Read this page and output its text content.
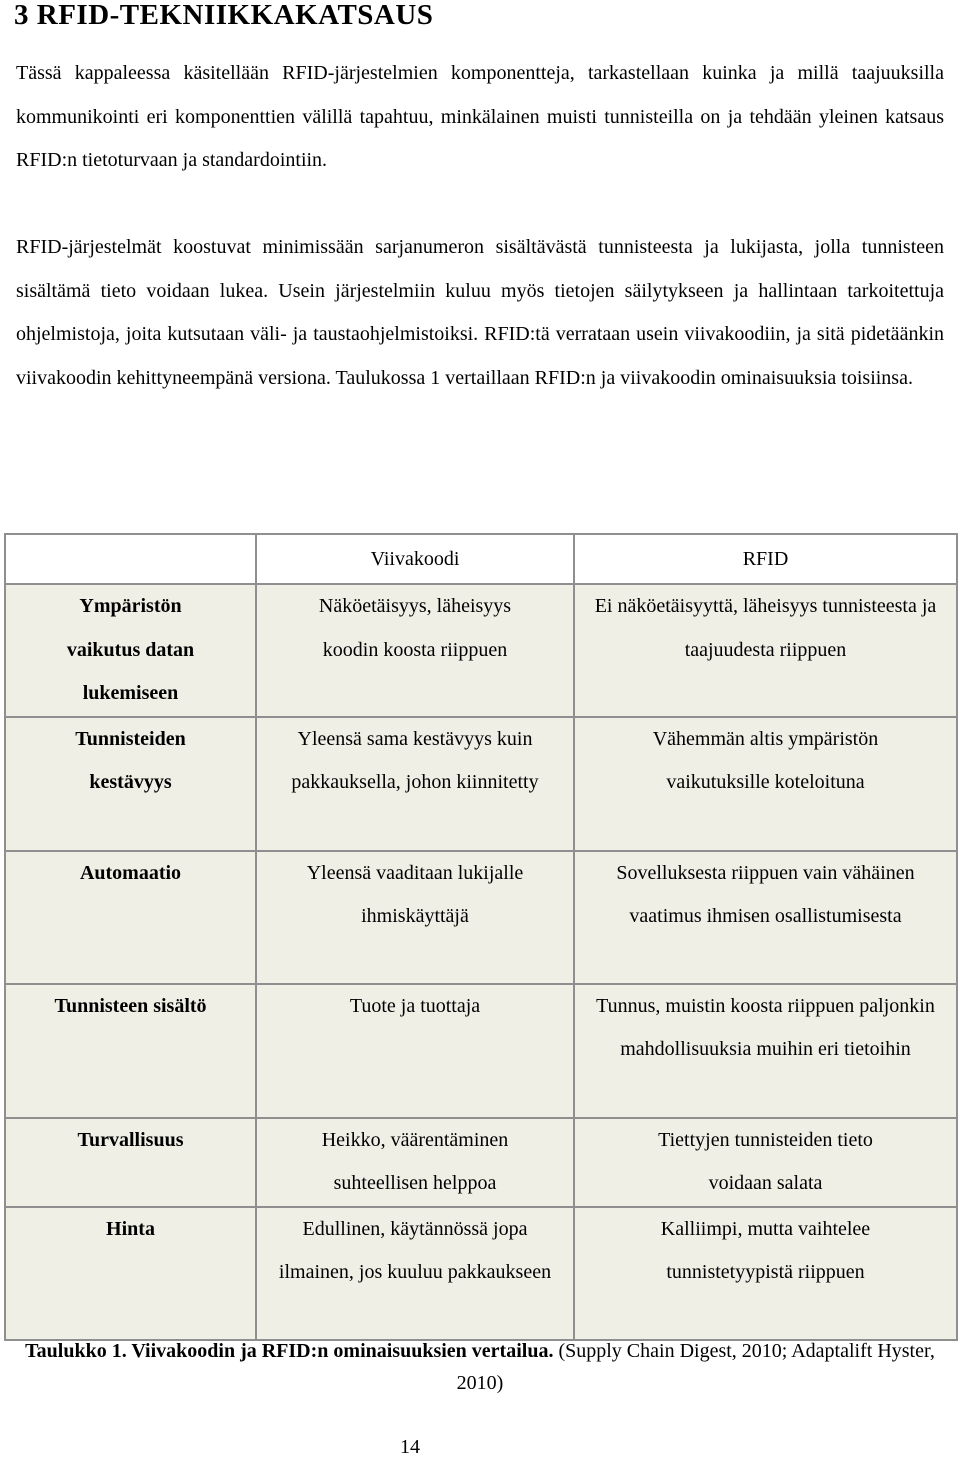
3 RFID-TEKNIIKKAKATSAUS

Tässä kappaleessa käsitellään RFID-järjestelmien komponentteja, tarkastellaan kuinka ja millä taajuuksilla kommunikointi eri komponenttien välillä tapahtuu, minkälainen muisti tunnisteilla on ja tehdään yleinen katsaus RFID:n tietoturvaan ja standardointiin.

RFID-järjestelmät koostuvat minimissään sarjanumeron sisältävästä tunnisteesta ja lukijasta, jolla tunnisteen sisältämä tieto voidaan lukea. Usein järjestelmiin kuluu myös tietojen säilytykseen ja hallintaan tarkoitettuja ohjelmistoja, joita kutsutaan väli- ja taustaohjelmistoiksi. RFID:tä verrataan usein viivakoodiin, ja sitä pidetäänkin viivakoodin kehittyneempänä versiona. Taulukossa 1 vertaillaan RFID:n ja viivakoodin ominaisuuksia toisiinsa.

	Viivakoodi	RFID
Ympäristön vaikutus datan lukemiseen	Näköetäisyys, läheisyys koodin koosta riippuen	Ei näköetäisyyttä, läheisyys tunnisteesta ja taajuudesta riippuen
Tunnisteiden kestävyys	Yleensä sama kestävyys kuin pakkauksella, johon kiinnitetty	Vähemmän altis ympäristön vaikutuksille koteloituna
Automaatio	Yleensä vaaditaan lukijalle ihmiskäyttäjä	Sovelluksesta riippuen vain vähäinen vaatimus ihmisen osallistumisesta
Tunnisteen sisältö	Tuote ja tuottaja	Tunnus, muistin koosta riippuen paljonkin mahdollisuuksia muihin eri tietoihin
Turvallisuus	Heikko, väärentäminen suhteellisen helppoa	Tiettyjen tunnisteiden tieto voidaan salata
Hinta	Edullinen, käytännössä jopa ilmainen, jos kuuluu pakkaukseen	Kalliimpi, mutta vaihtelee tunnistetyypistä riippuen

Taulukko 1. Viivakoodin ja RFID:n ominaisuuksien vertailua. (Supply Chain Digest, 2010; Adaptalift Hyster, 2010)

14
